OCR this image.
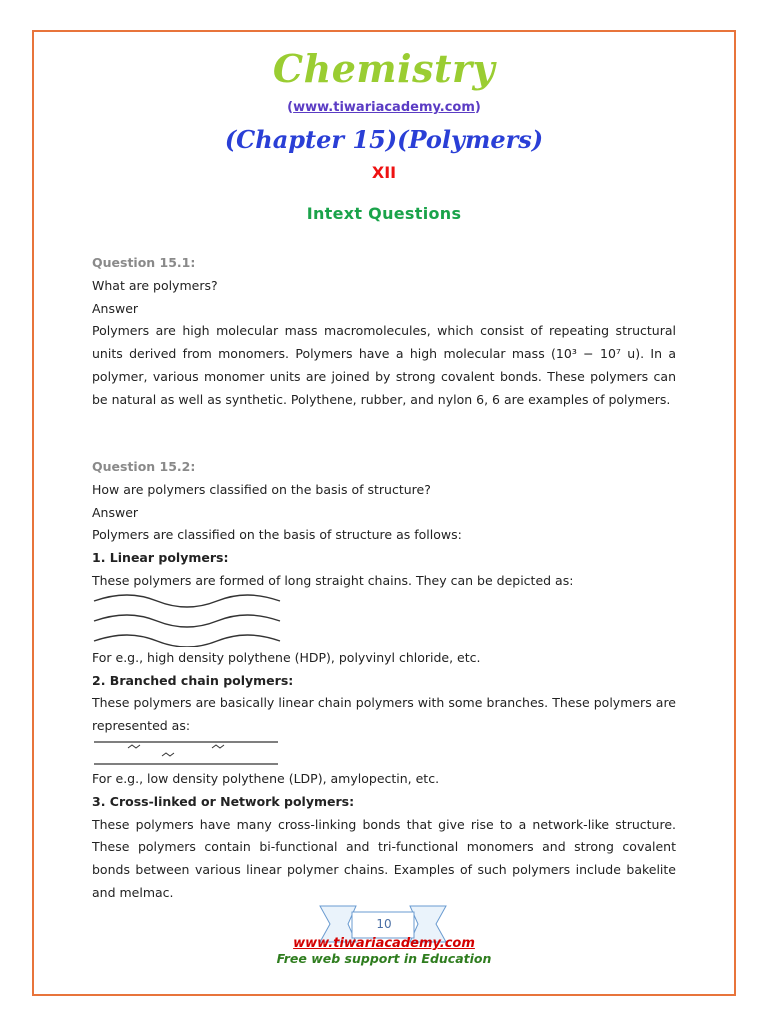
Chemistry
(www.tiwariacademy.com)
(Chapter 15)(Polymers)
XII
Intext Questions

Question 15.1:

What are polymers?

Answer

Polymers are high molecular mass macromolecules, which consist of repeating structural units derived from monomers. Polymers have a high molecular mass (10³ − 10⁷ u). In a polymer, various monomer units are joined by strong covalent bonds. These polymers can be natural as well as synthetic. Polythene, rubber, and nylon 6, 6 are examples of polymers.

Question 15.2:

How are polymers classified on the basis of structure?

Answer

Polymers are classified on the basis of structure as follows:

1. Linear polymers:

These polymers are formed of long straight chains. They can be depicted as:

For e.g., high density polythene (HDP), polyvinyl chloride, etc.

2. Branched chain polymers:

These polymers are basically linear chain polymers with some branches. These polymers are represented as:

For e.g., low density polythene (LDP), amylopectin, etc.

3. Cross-linked or Network polymers:

These polymers have many cross-linking bonds that give rise to a network-like structure. These polymers contain bi-functional and tri-functional monomers and strong covalent bonds between various linear polymer chains. Examples of such polymers include bakelite and melmac.

10
www.tiwariacademy.com
Free web support in Education
